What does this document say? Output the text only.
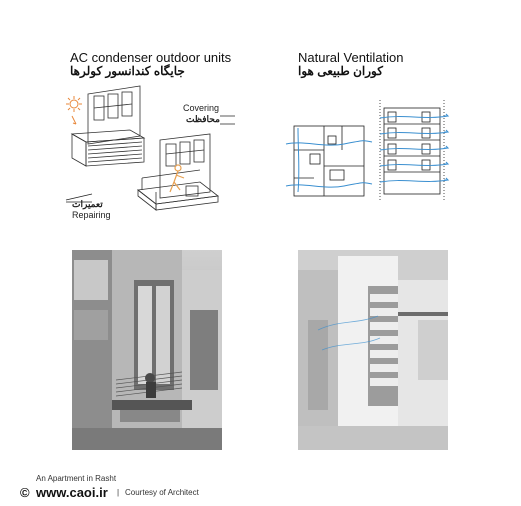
AC condenser outdoor units
جایگاه کندانسور کولرها
Covering
محافظت
تعمیرات
Repairing
Natural Ventilation
کوران طبیعی هوا
An Apartment in Rasht
© www.caoi.ir | Courtesy of Architect
